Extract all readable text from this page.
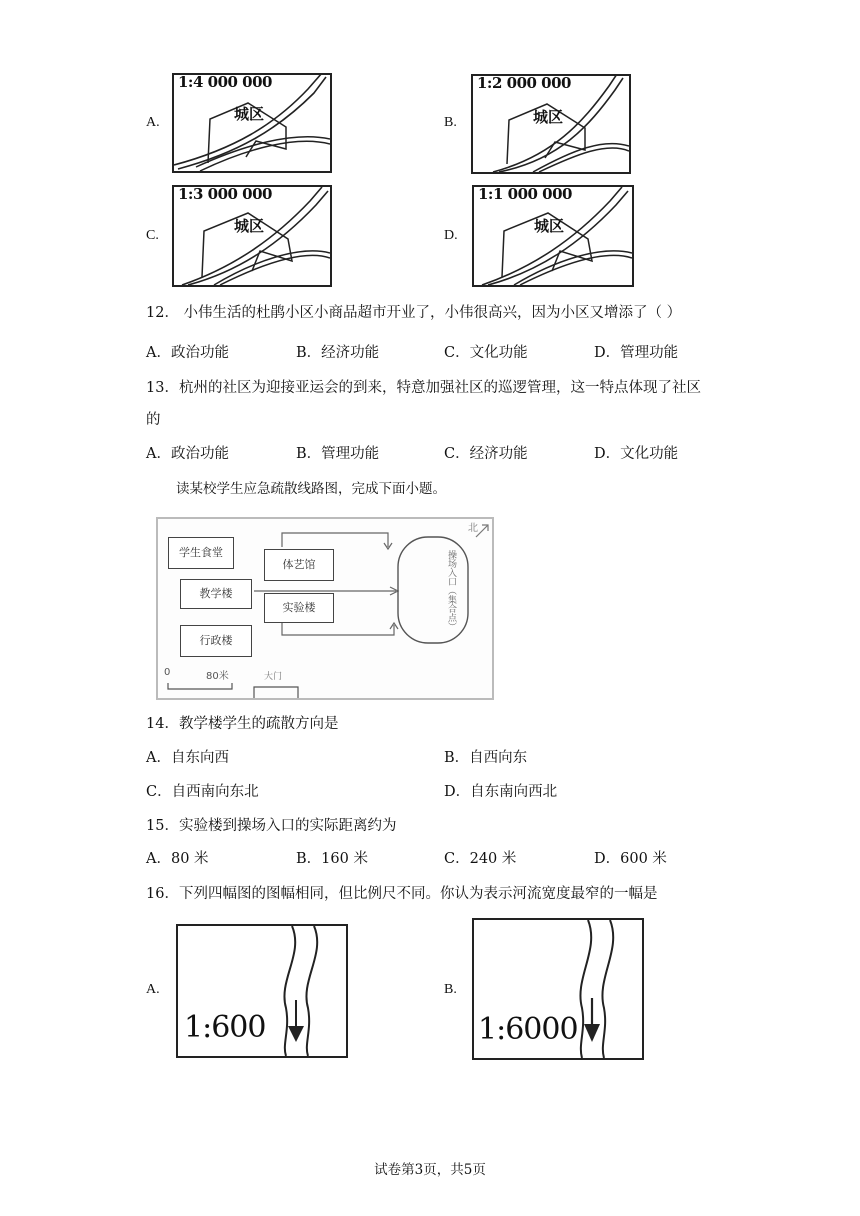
A.
1:4 000 000
城区	B.
1:2 000 000
城区
C.
1:3 000 000
城区
D.
1:1 000 000
城区
12． 小伟生活的杜鹃小区小商品超市开业了，小伟很高兴，因为小区又增添了（ ）
A．政治功能	B．经济功能	C．文化功能	D．管理功能
13．杭州的社区为迎接亚运会的到来，特意加强社区的巡逻管理，这一特点体现了社区
的
A．政治功能	B．管理功能	C．经济功能	D．文化功能
读某校学生应急疏散线路图，完成下面小题。
北
学生食堂
教学楼
行政楼
体艺馆
实验楼	操场入口（集合点）
0	80米	大门
14．教学楼学生的疏散方向是
A．自东向西	B．自西向东
C．自西南向东北	D．自东南向西北
15．实验楼到操场入口的实际距离约为
A．80 米	B．160 米	C．240 米	D．600 米
16．下列四幅图的图幅相同，但比例尺不同。你认为表示河流宽度最窄的一幅是
A.
1:600
B.
1:6000
试卷第3页，共5页
